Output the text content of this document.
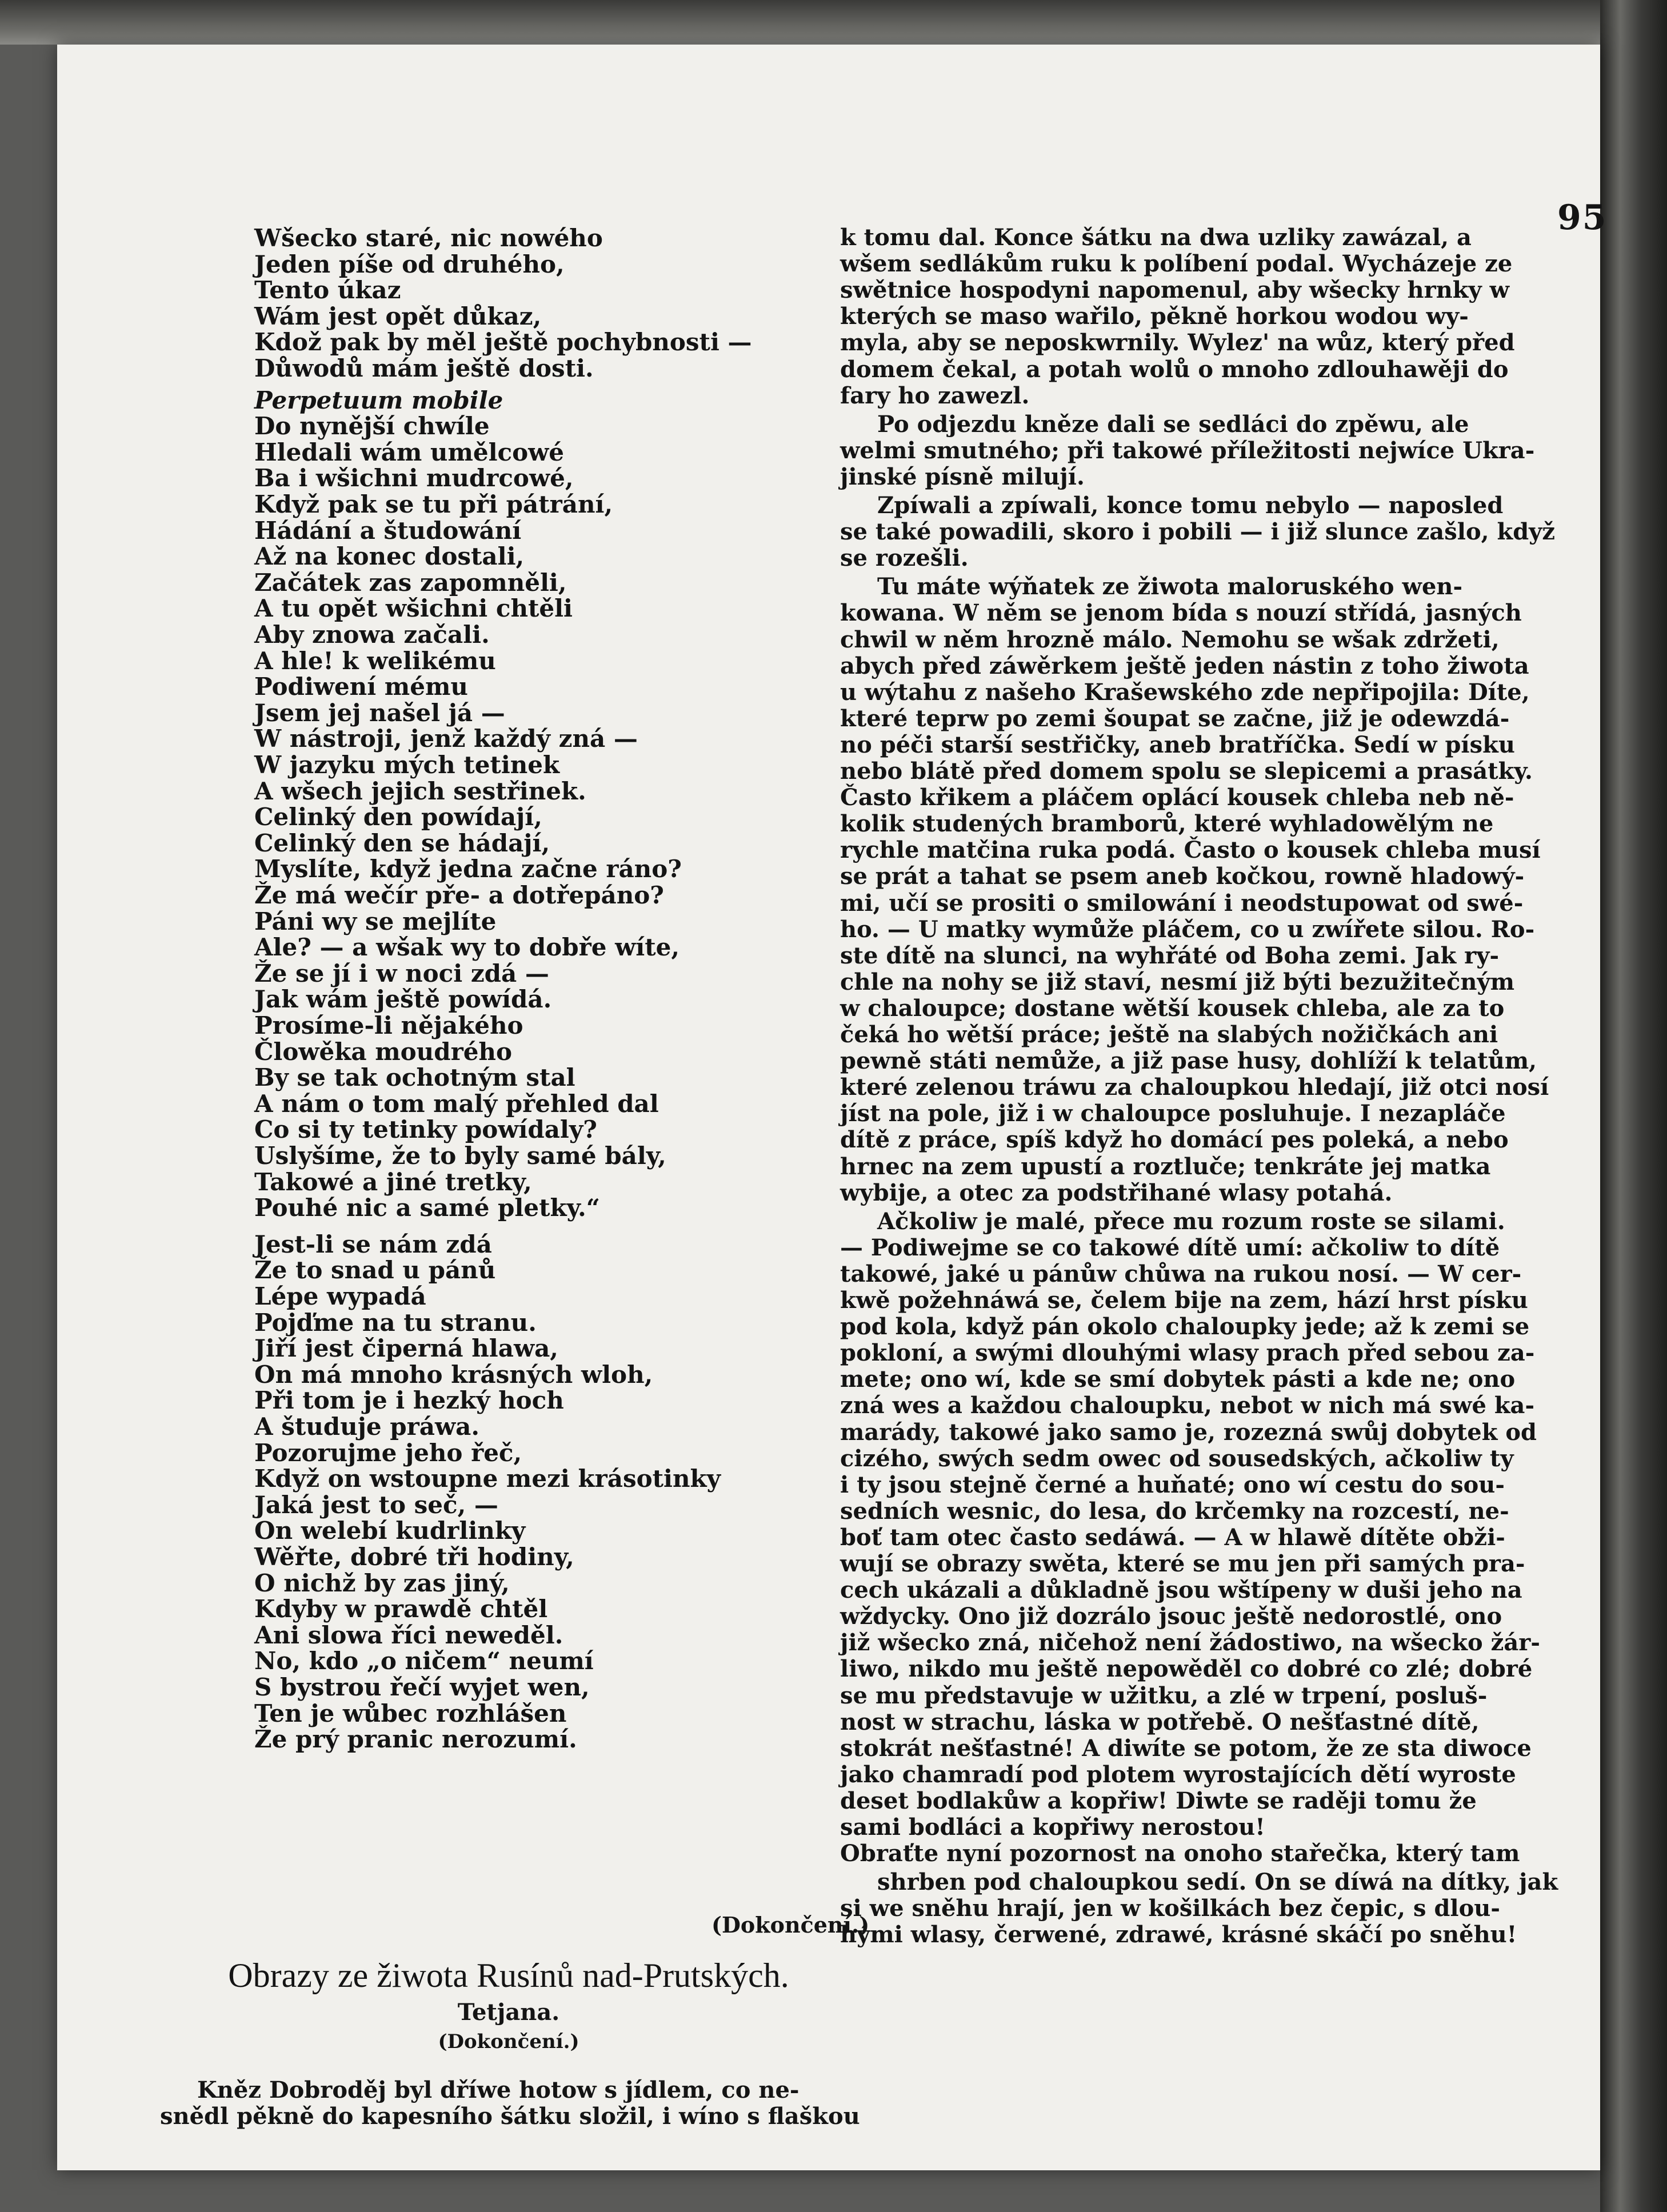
95
Wšecko staré, nic nowého
Jeden píše od druhého,
Tento úkaz
Wám jest opět důkaz,
Kdož pak by měl ještě pochybnosti —
Důwodů mám ještě dosti.
Perpetuum mobile
Do nynější chwíle
Hledali wám umělcowé
Ba i wšichni mudrcowé,
Když pak se tu při pátrání,
Hádání a študowání
Až na konec dostali,
Začátek zas zapomněli,
A tu opět wšichni chtěli
Aby znowa začali.
A hle! k welikému
Podiwení mému
Jsem jej našel já —
W nástroji, jenž každý zná —
W jazyku mých tetinek
A wšech jejich sestřinek.
Celinký den powídají,
Celinký den se hádají,
Myslíte, když jedna začne ráno?
Že má wečír pře- a dotřepáno?
Páni wy se mejlíte
Ale? — a wšak wy to dobře wíte,
Že se jí i w noci zdá —
Jak wám ještě powídá.
Prosíme-li nějakého
Člowěka moudrého
By se tak ochotným stal
A nám o tom malý přehled dal
Co si ty tetinky powídaly?
Uslyšíme, že to byly samé bály,
Takowé a jiné tretky,
Pouhé nic a samé pletky.“
Jest-li se nám zdá
Že to snad u pánů
Lépe wypadá
Pojďme na tu stranu.
Jiří jest čiperná hlawa,
On má mnoho krásných wloh,
Při tom je i hezký hoch
A študuje práwa.
Pozorujme jeho řeč,
Když on wstoupne mezi krásotinky
Jaká jest to seč, —
On welebí kudrlinky
Wěřte, dobré tři hodiny,
O nichž by zas jiný,
Kdyby w prawdě chtěl
Ani slowa říci neweděl.
No, kdo „o ničem“ neumí
S bystrou řečí wyjet wen,
Ten je wůbec rozhlášen
Že prý pranic nerozumí.
(Dokončení.)
Obrazy ze žiwota Rusínů nad-Prutských.
Tetjana.
(Dokončení.)
Kněz Dobroděj byl dříwe hotow s jídlem, co ne-
snědl pěkně do kapesního šátku složil, i wíno s flaškou
k tomu dal. Konce šátku na dwa uzliky zawázal, a
wšem sedlákům ruku k políbení podal. Wycházeje ze
swětnice hospodyni napomenul, aby wšecky hrnky w
kterých se maso wařilo, pěkně horkou wodou wy-
myla, aby se neposkwrnily. Wylez' na wůz, který před
domem čekal, a potah wolů o mnoho zdlouhawěji do
fary ho zawezl.
Po odjezdu kněze dali se sedláci do zpěwu, ale
welmi smutného; při takowé příležitosti nejwíce Ukra-
jinské písně milují.
Zpíwali a zpíwali, konce tomu nebylo — naposled
se také powadili, skoro i pobili — i již slunce zašlo, když
se rozešli.
Tu máte wýňatek ze žiwota maloruského wen-
kowana. W něm se jenom bída s nouzí střídá, jasných
chwil w něm hrozně málo. Nemohu se wšak zdržeti,
abych před záwěrkem ještě jeden nástin z toho žiwota
u wýtahu z našeho Krašewského zde nepřipojila: Díte,
které teprw po zemi šoupat se začne, již je odewzdá-
no péči starší sestřičky, aneb bratříčka. Sedí w písku
nebo blátě před domem spolu se slepicemi a prasátky.
Často křikem a pláčem oplácí kousek chleba neb ně-
kolik studených bramborů, které wyhladowělým ne
rychle matčina ruka podá. Často o kousek chleba musí
se prát a tahat se psem aneb kočkou, rowně hladowý-
mi, učí se prositi o smilowání i neodstupowat od swé-
ho. — U matky wymůže pláčem, co u zwířete silou. Ro-
ste dítě na slunci, na wyhřáté od Boha zemi. Jak ry-
chle na nohy se již staví, nesmí již býti bezužitečným
w chaloupce; dostane wětší kousek chleba, ale za to
čeká ho wětší práce; ještě na slabých nožičkách ani
pewně státi nemůže, a již pase husy, dohlíží k telatům,
které zelenou tráwu za chaloupkou hledají, již otci nosí
jíst na pole, již i w chaloupce posluhuje. I nezapláče
dítě z práce, spíš když ho domácí pes poleká, a nebo
hrnec na zem upustí a roztluče; tenkráte jej matka
wybije, a otec za podstřihané wlasy potahá.
Ačkoliw je malé, přece mu rozum roste se silami.
— Podiwejme se co takowé dítě umí: ačkoliw to dítě
takowé, jaké u pánůw chůwa na rukou nosí. — W cer-
kwě požehnáwá se, čelem bije na zem, hází hrst písku
pod kola, když pán okolo chaloupky jede; až k zemi se
pokloní, a swými dlouhými wlasy prach před sebou za-
mete; ono wí, kde se smí dobytek pásti a kde ne; ono
zná wes a každou chaloupku, nebot w nich má swé ka-
marády, takowé jako samo je, rozezná swůj dobytek od
cizého, swých sedm owec od sousedských, ačkoliw ty
i ty jsou stejně černé a huňaté; ono wí cestu do sou-
sedních wesnic, do lesa, do krčemky na rozcestí, ne-
boť tam otec často sedáwá. — A w hlawě dítěte obži-
wují se obrazy swěta, které se mu jen při samých pra-
cech ukázali a důkladně jsou wštípeny w duši jeho na
wždycky. Ono již dozrálo jsouc ještě nedorostlé, ono
již wšecko zná, ničehož není žádostiwo, na wšecko žár-
liwo, nikdo mu ještě nepowěděl co dobré co zlé; dobré
se mu představuje w užitku, a zlé w trpení, posluš-
nost w strachu, láska w potřebě. O nešťastné dítě,
stokrát nešťastné! A diwíte se potom, že ze sta diwoce
jako chamradí pod plotem wyrostajících dětí wyroste
deset bodlakůw a kopřiw! Diwte se raději tomu že
sami bodláci a kopřiwy nerostou!
Obraťte nyní pozornost na onoho stařečka, který tam
shrben pod chaloupkou sedí. On se díwá na dítky, jak
si we sněhu hrají, jen w košilkách bez čepic, s dlou-
hými wlasy, čerwené, zdrawé, krásné skáčí po sněhu!
